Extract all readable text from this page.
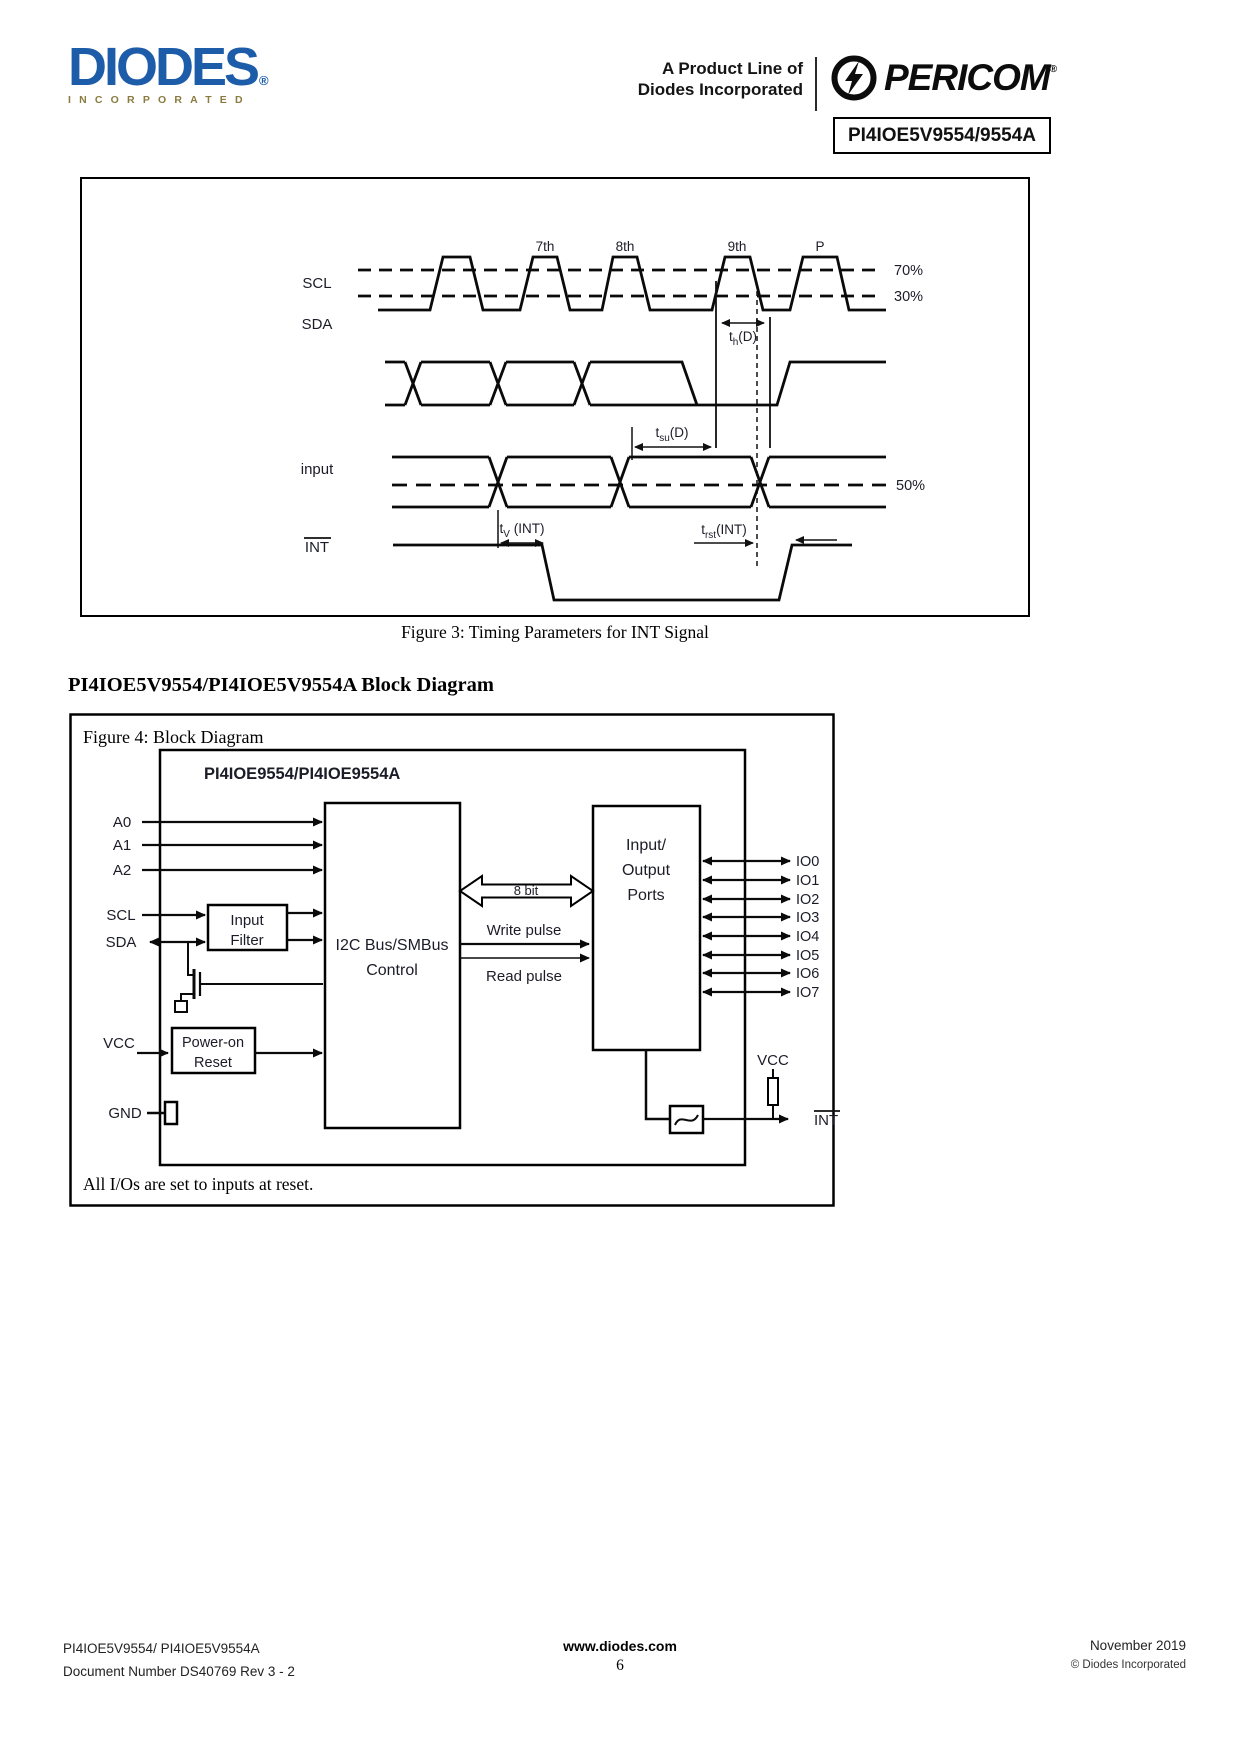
DIODES ®
INCORPORATED
A Product Line of
Diodes Incorporated PERICOM®
PI4IOE5V9554/9554A
SCL
SDA
input
INT
7th	8th	9th	P
70%
30%
$t_h(D)$
$t_{su}(D)$
50%
$t_V$ (INT)	$t_{rst}(INT)$
Figure 3: Timing Parameters for INT Signal
PI4IOE5V9554/PI4IOE5V9554A Block Diagram
Figure 4: Block Diagram
PI4IOE9554/PI4IOE9554A
I2C Bus/SMBus
Control
Input/
Output
Ports
A0
A1
A2
SCL
SDA
Input
Filter
VCC	Power-on
Reset
GND
8 bit
Write pulse
Read pulse
IO0
IO1
IO2
IO3
IO4
IO5
IO6
IO7
VCC
INT
All I/Os are set to inputs at reset.
PI4IOE5V9554/ PI4IOE5V9554A
Document Number DS40769 Rev 3 - 2
www.diodes.com
6
November 2019
© Diodes Incorporated
